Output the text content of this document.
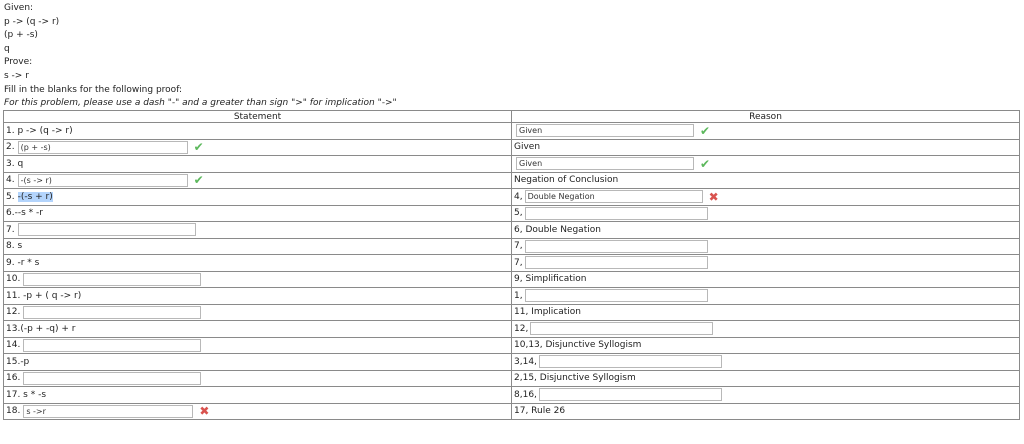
Given:
p -> (q -> r)
(p + -s)
q
Prove:
s -> r
Fill in the blanks for the following proof:
For this problem, please use a dash "-" and a greater than sign ">" for implication "->"
Statement	Reason

1. p -> (q -> r)	Given ✔

2. (p + -s) ✔	Given

3. q	Given ✔

4. -(s -> r) ✔	Negation of Conclusion

5. -(-s + r)	4, Double Negation ✖

6.--s * -r	5,

7.	6, Double Negation

8. s	7,

9. -r * s	7,

10.	9, Simplification

11. -p + ( q -> r)	1,

12.	11, Implication

13.(-p + -q) + r	12,

14.	10,13, Disjunctive Syllogism

15.-p	3,14,

16.	2,15, Disjunctive Syllogism

17. s * -s	8,16,

18. s ->r ✖	17, Rule 26
